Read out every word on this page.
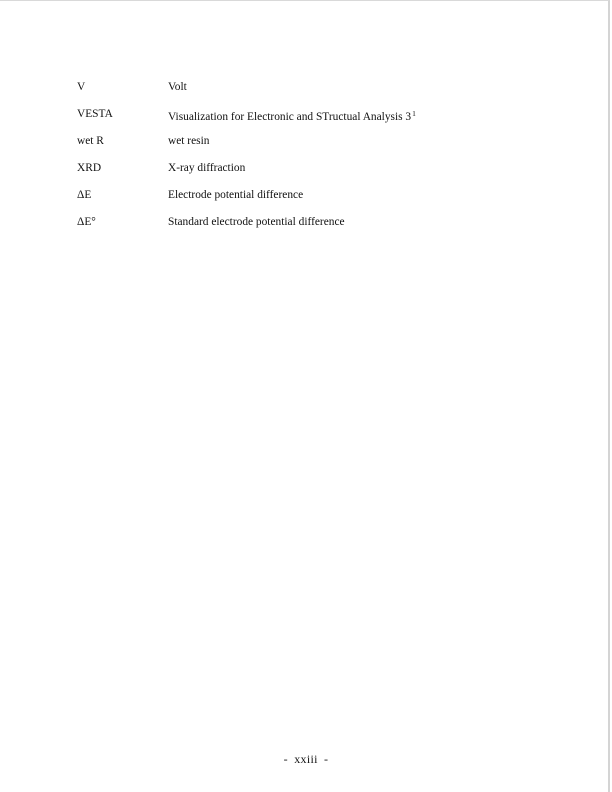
V	Volt
VESTA	Visualization for Electronic and STructual Analysis $3^1$
wet R	wet resin
XRD	X-ray diffraction
ΔE	Electrode potential difference
ΔE°	Standard electrode potential difference
- xxiii -
